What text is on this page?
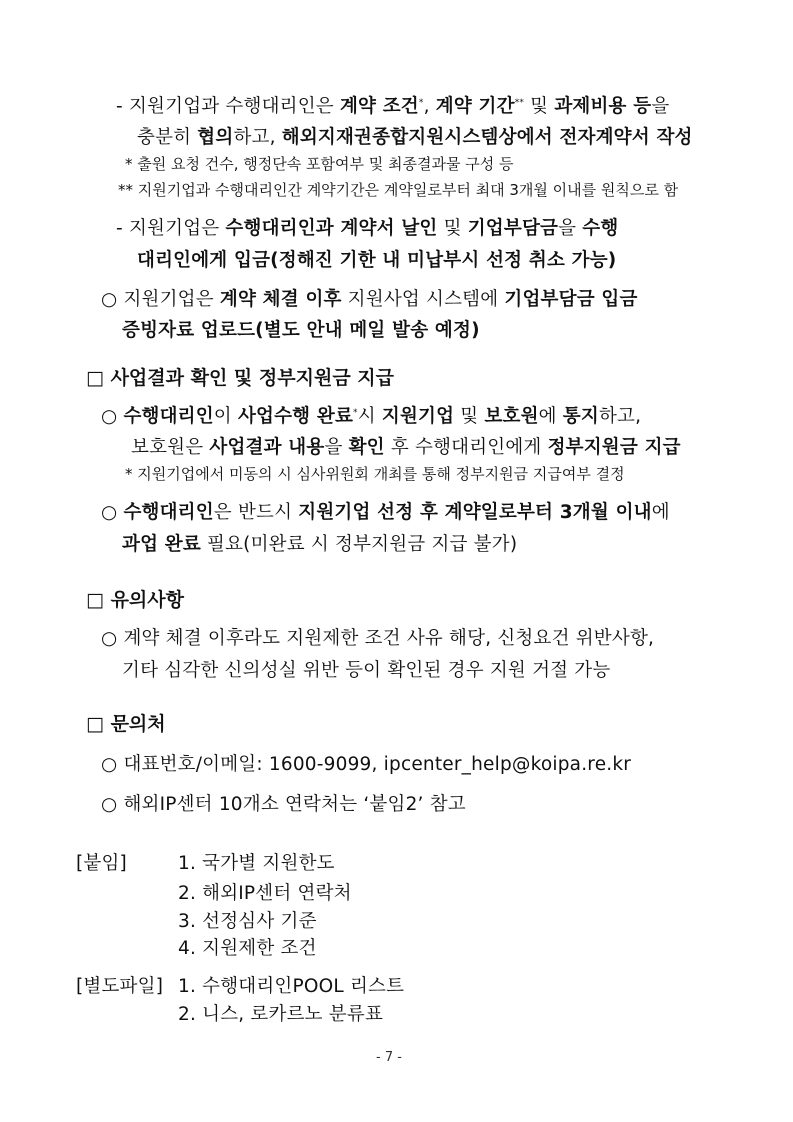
- 지원기업과 수행대리인은 계약 조건*, 계약 기간** 및 과제비용 등을
충분히 협의하고, 해외지재권종합지원시스템상에서 전자계약서 작성
* 출원 요청 건수, 행정단속 포함여부 및 최종결과물 구성 등
** 지원기업과 수행대리인간 계약기간은 계약일로부터 최대 3개월 이내를 원칙으로 함
- 지원기업은 수행대리인과 계약서 날인 및 기업부담금을 수행
대리인에게 입금(정해진 기한 내 미납부시 선정 취소 가능)
○ 지원기업은 계약 체결 이후 지원사업 시스템에 기업부담금 입금
증빙자료 업로드(별도 안내 메일 발송 예정)
□ 사업결과 확인 및 정부지원금 지급
○ 수행대리인이 사업수행 완료*시 지원기업 및 보호원에 통지하고,
보호원은 사업결과 내용을 확인 후 수행대리인에게 정부지원금 지급
* 지원기업에서 미동의 시 심사위원회 개최를 통해 정부지원금 지급여부 결정
○ 수행대리인은 반드시 지원기업 선정 후 계약일로부터 3개월 이내에
과업 완료 필요(미완료 시 정부지원금 지급 불가)
□ 유의사항
○ 계약 체결 이후라도 지원제한 조건 사유 해당, 신청요건 위반사항,
기타 심각한 신의성실 위반 등이 확인된 경우 지원 거절 가능
□ 문의처
○ 대표번호/이메일: 1600-9099, ipcenter_help@koipa.re.kr
○ 해외IP센터 10개소 연락처는 ‘붙임2’ 참고
[붙임]	1. 국가별 지원한도
2. 해외IP센터 연락처
3. 선정심사 기준
4. 지원제한 조건
[별도파일] 1. 수행대리인POOL 리스트
2. 니스, 로카르노 분류표
- 7 -
